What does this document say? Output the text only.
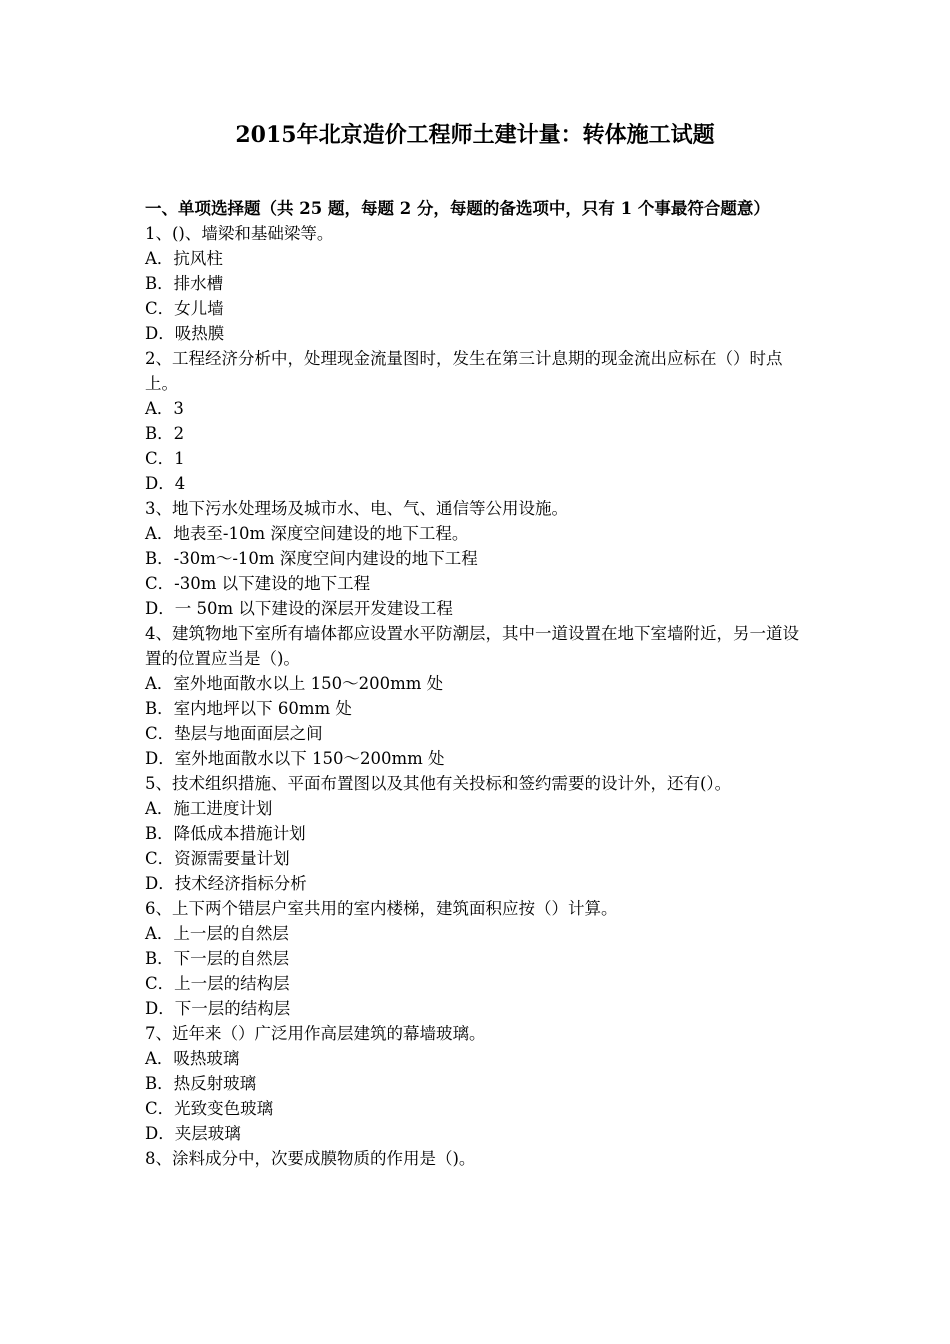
2015年北京造价工程师土建计量：转体施工试题

一、单项选择题（共 25 题，每题 2 分，每题的备选项中，只有 1 个事最符合题意）

1、()、墙梁和基础梁等。

A．抗风柱

B．排水槽

C．女儿墙

D．吸热膜

2、工程经济分析中，处理现金流量图时，发生在第三计息期的现金流出应标在（）时点上。

A．3

B．2

C．1

D．4

3、地下污水处理场及城市水、电、气、通信等公用设施。

A．地表至-10m 深度空间建设的地下工程。

B．-30m～-10m 深度空间内建设的地下工程

C．-30m 以下建设的地下工程

D．一 50m 以下建设的深层开发建设工程

4、建筑物地下室所有墙体都应设置水平防潮层，其中一道设置在地下室墙附近，另一道设置的位置应当是（)。

A．室外地面散水以上 150～200mm 处

B．室内地坪以下 60mm 处

C．垫层与地面面层之间

D．室外地面散水以下 150～200mm 处

5、技术组织措施、平面布置图以及其他有关投标和签约需要的设计外，还有(）。

A．施工进度计划

B．降低成本措施计划

C．资源需要量计划

D．技术经济指标分析

6、上下两个错层户室共用的室内楼梯，建筑面积应按（）计算。

A．上一层的自然层

B．下一层的自然层

C．上一层的结构层

D．下一层的结构层

7、近年来（）广泛用作高层建筑的幕墙玻璃。

A．吸热玻璃

B．热反射玻璃

C．光致变色玻璃

D．夹层玻璃

8、涂料成分中，次要成膜物质的作用是（)。
